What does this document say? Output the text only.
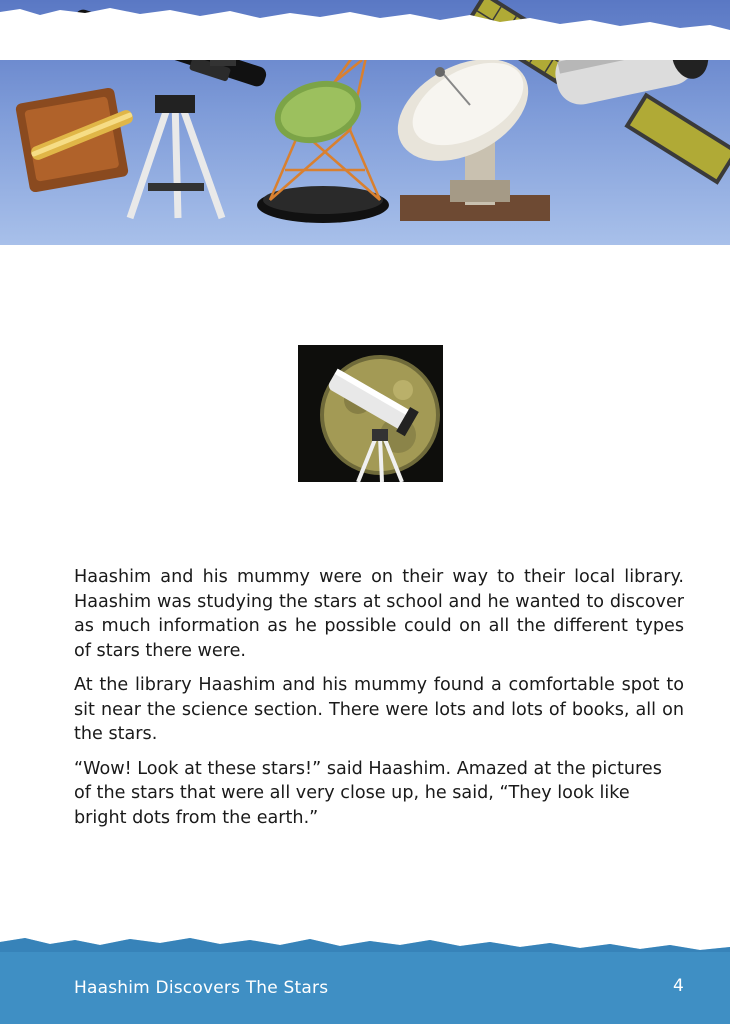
Haashim and his mummy were on their way to their local library. Haashim was studying the stars at school and he wanted to discover as much information as he possible could on all the different types of stars there were.

At the library Haashim and his mummy found a comfortable spot to sit near the science section. There were lots and lots of books, all on the stars.

“Wow! Look at these stars!” said Haashim. Amazed at the pictures of the stars that were all very close up, he said, “They look like bright dots from the earth.”

Haashim Discovers The Stars	4
